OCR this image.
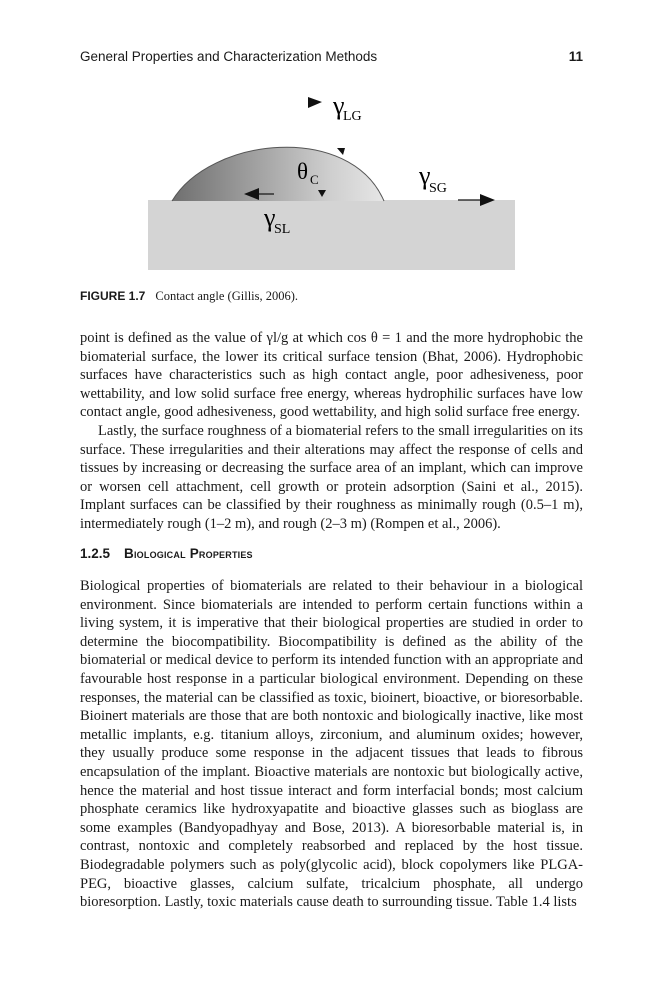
General Properties and Characterization Methods	11
γ
LG
θ C	γ
SG
γ
SL
FIGURE 1.7 Contact angle (Gillis, 2006).

point is defined as the value of γl/g at which cos θ = 1 and the more hydrophobic the biomaterial surface, the lower its critical surface tension (Bhat, 2006). Hydrophobic surfaces have characteristics such as high contact angle, poor adhesiveness, poor wettability, and low solid surface free energy, whereas hydrophilic surfaces have low contact angle, good adhesiveness, good wettability, and high solid surface free energy.

Lastly, the surface roughness of a biomaterial refers to the small irregularities on its surface. These irregularities and their alterations may affect the response of cells and tissues by increasing or decreasing the surface area of an implant, which can improve or worsen cell attachment, cell growth or protein adsorption (Saini et al., 2015). Implant surfaces can be classified by their roughness as minimally rough (0.5–1 m), intermediately rough (1–2 m), and rough (2–3 m) (Rompen et al., 2006).

1.2.5 Biological Properties

Biological properties of biomaterials are related to their behaviour in a biological environment. Since biomaterials are intended to perform certain functions within a living system, it is imperative that their biological properties are studied in order to determine the biocompatibility. Biocompatibility is defined as the ability of the biomaterial or medical device to perform its intended function with an appropriate and favourable host response in a particular biological environment. Depending on these responses, the material can be classified as toxic, bioinert, bioactive, or bioresorbable. Bioinert materials are those that are both nontoxic and biologically inactive, like most metallic implants, e.g. titanium alloys, zirconium, and aluminum oxides; however, they usually produce some response in the adjacent tissues that leads to fibrous encapsulation of the implant. Bioactive materials are nontoxic but biologically active, hence the material and host tissue interact and form interfacial bonds; most calcium phosphate ceramics like hydroxyapatite and bioactive glasses such as bioglass are some examples (Bandyopadhyay and Bose, 2013). A bioresorbable material is, in contrast, nontoxic and completely reabsorbed and replaced by the host tissue. Biodegradable polymers such as poly(glycolic acid), block copolymers like PLGA-PEG, bioactive glasses, calcium sulfate, tricalcium phosphate, all undergo bioresorption. Lastly, toxic materials cause death to surrounding tissue. Table 1.4 lists
